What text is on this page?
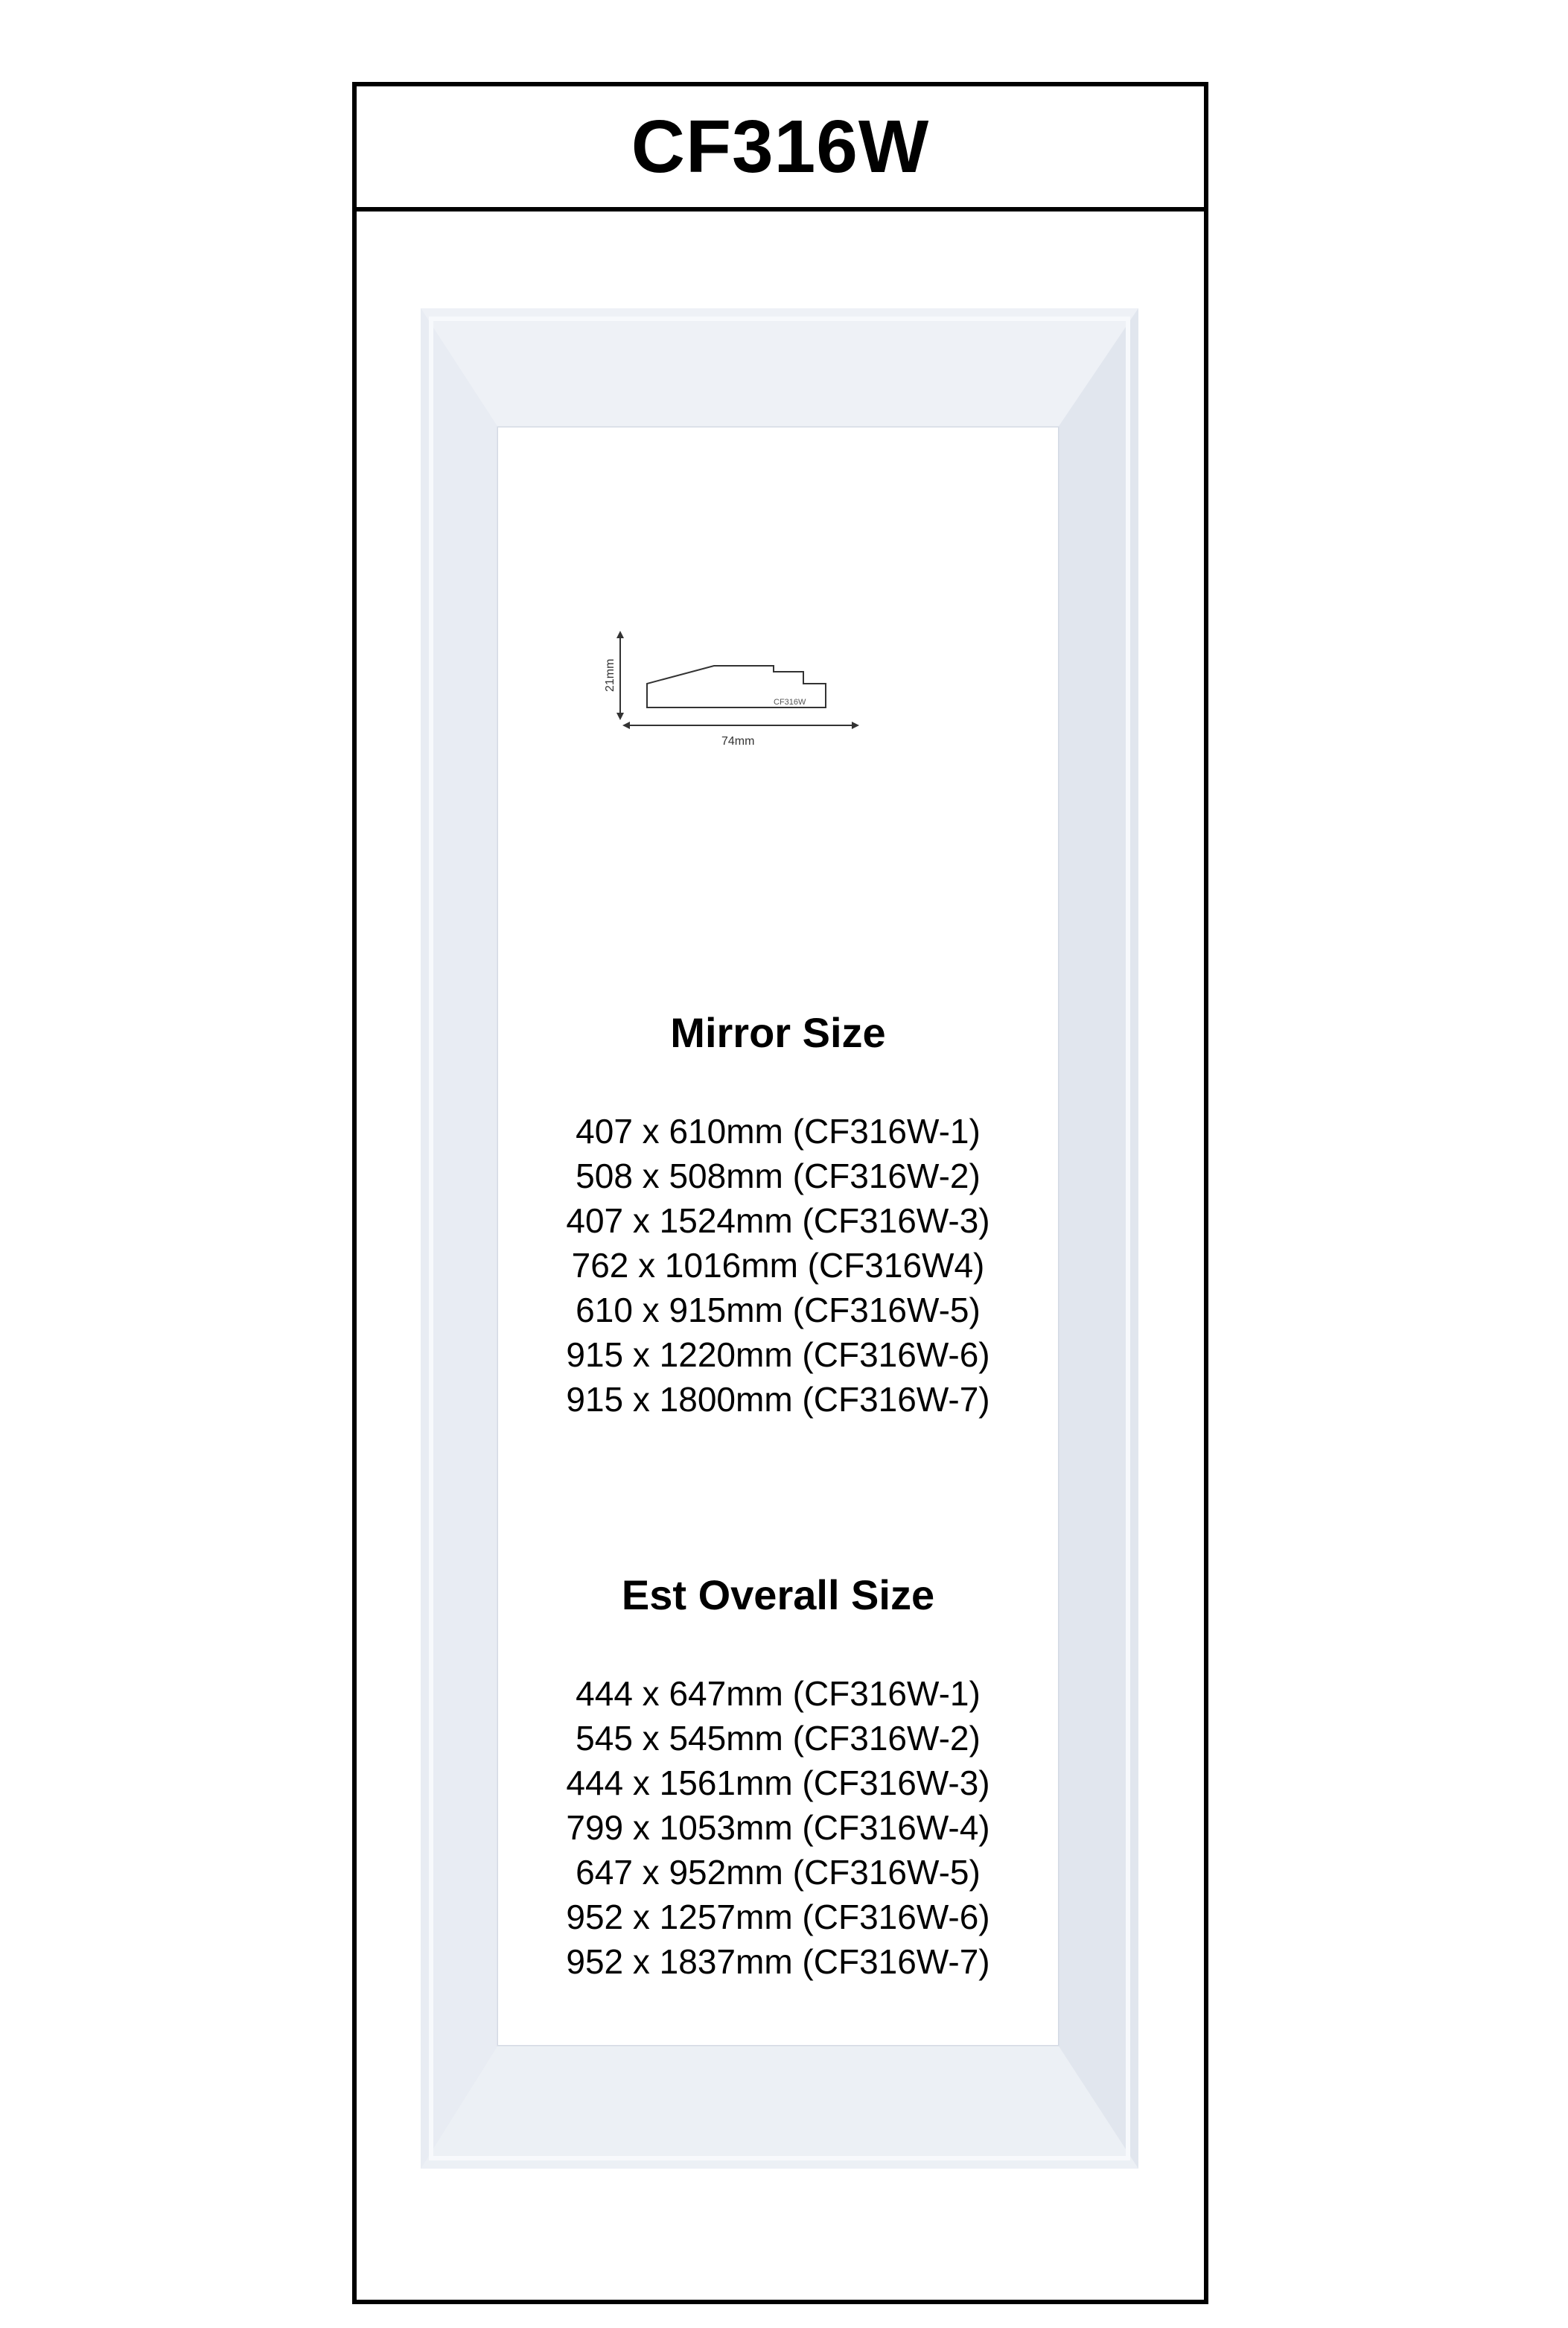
CF316W
21mm
CF316W
74mm
Mirror Size
407 x 610mm (CF316W-1)
508 x 508mm (CF316W-2)
407 x 1524mm (CF316W-3)
762 x 1016mm (CF316W4)
610 x 915mm (CF316W-5)
915 x 1220mm (CF316W-6)
915 x 1800mm (CF316W-7)
Est Overall Size
444 x 647mm (CF316W-1)
545 x 545mm (CF316W-2)
444 x 1561mm (CF316W-3)
799 x 1053mm (CF316W-4)
647 x 952mm (CF316W-5)
952 x 1257mm (CF316W-6)
952 x 1837mm (CF316W-7)
